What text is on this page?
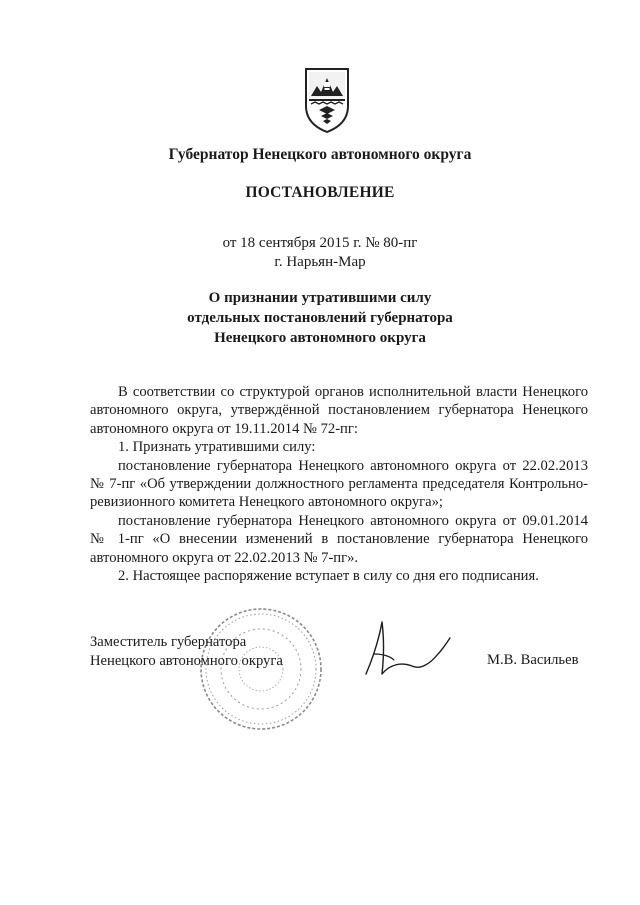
Губернатор Ненецкого автономного округа
ПОСТАНОВЛЕНИЕ
от 18 сентября 2015 г. № 80-пг
г. Нарьян-Мар
О признании утратившими силу
отдельных постановлений губернатора
Ненецкого автономного округа

В соответствии со структурой органов исполнительной власти Ненецкого автономного округа, утверждённой постановлением губернатора Ненецкого автономного округа от 19.11.2014 № 72-пг:

1. Признать утратившими силу:

постановление губернатора Ненецкого автономного округа от 22.02.2013 № 7-пг «Об утверждении должностного регламента председателя Контрольно-ревизионного комитета Ненецкого автономного округа»;

постановление губернатора Ненецкого автономного округа от 09.01.2014 № 1-пг «О внесении изменений в постановление губернатора Ненецкого автономного округа от 22.02.2013 № 7-пг».

2. Настоящее распоряжение вступает в силу со дня его подписания.

Заместитель губернатора
Ненецкого автономного округа	М.В. Васильев
